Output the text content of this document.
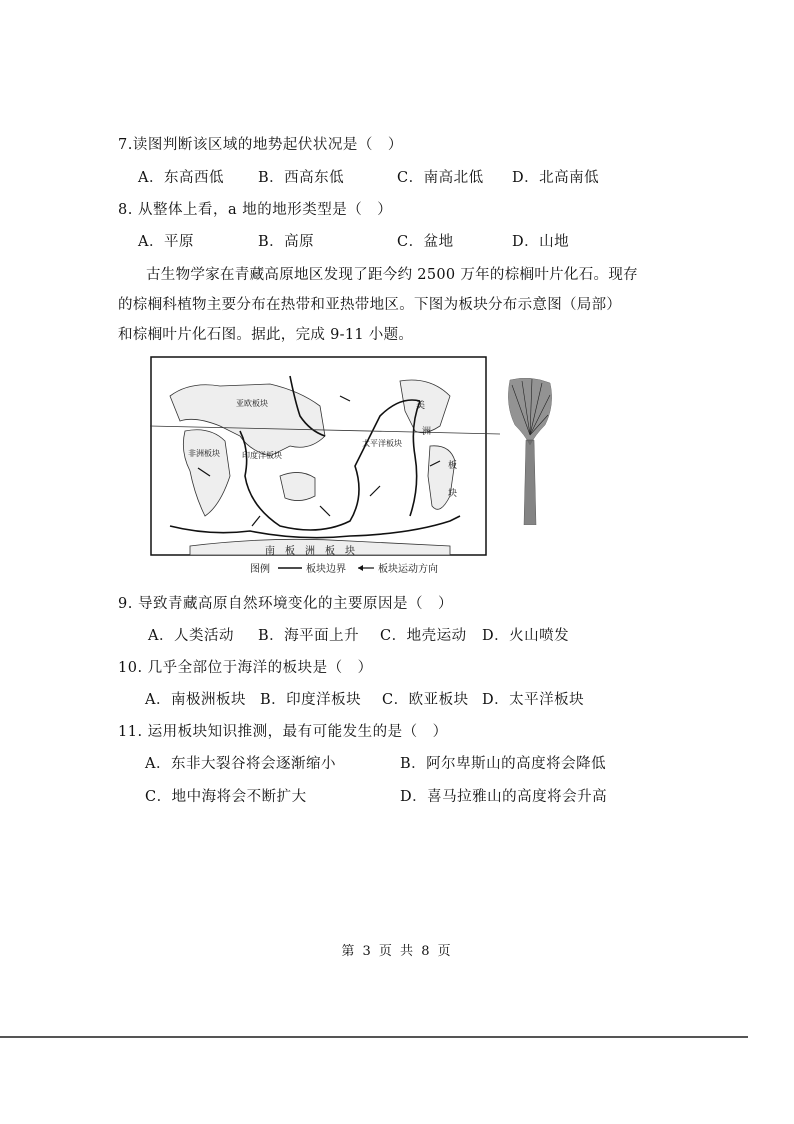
7.读图判断该区域的地势起伏状况是（　）
A．东高西低 B．西高东低	C．南高北低 D．北高南低
8. 从整体上看，a 地的地形类型是（　）
A．平原	B．高原	C．盆地	D．山地
古生物学家在青藏高原地区发现了距今约 2500 万年的棕榈叶片化石。现存
的棕榈科植物主要分布在热带和亚热带地区。下图为板块分布示意图（局部）
和棕榈叶片化石图。据此，完成 9-11 小题。
亚欧板块
非洲板块	印度洋板块
太平洋板块
美
洲
板
块
南　板　洲　板　块
图例	板块边界	板块运动方向
9. 导致青藏高原自然环境变化的主要原因是（　）
A．人类活动 B．海平面上升 C．地壳运动 D．火山喷发
10. 几乎全部位于海洋的板块是（　）
A．南极洲板块 B．印度洋板块 C．欧亚板块 D．太平洋板块
11. 运用板块知识推测，最有可能发生的是（　）
A．东非大裂谷将会逐渐缩小	B．阿尔卑斯山的高度将会降低
C．地中海将会不断扩大	D．喜马拉雅山的高度将会升高
第 3 页 共 8 页
